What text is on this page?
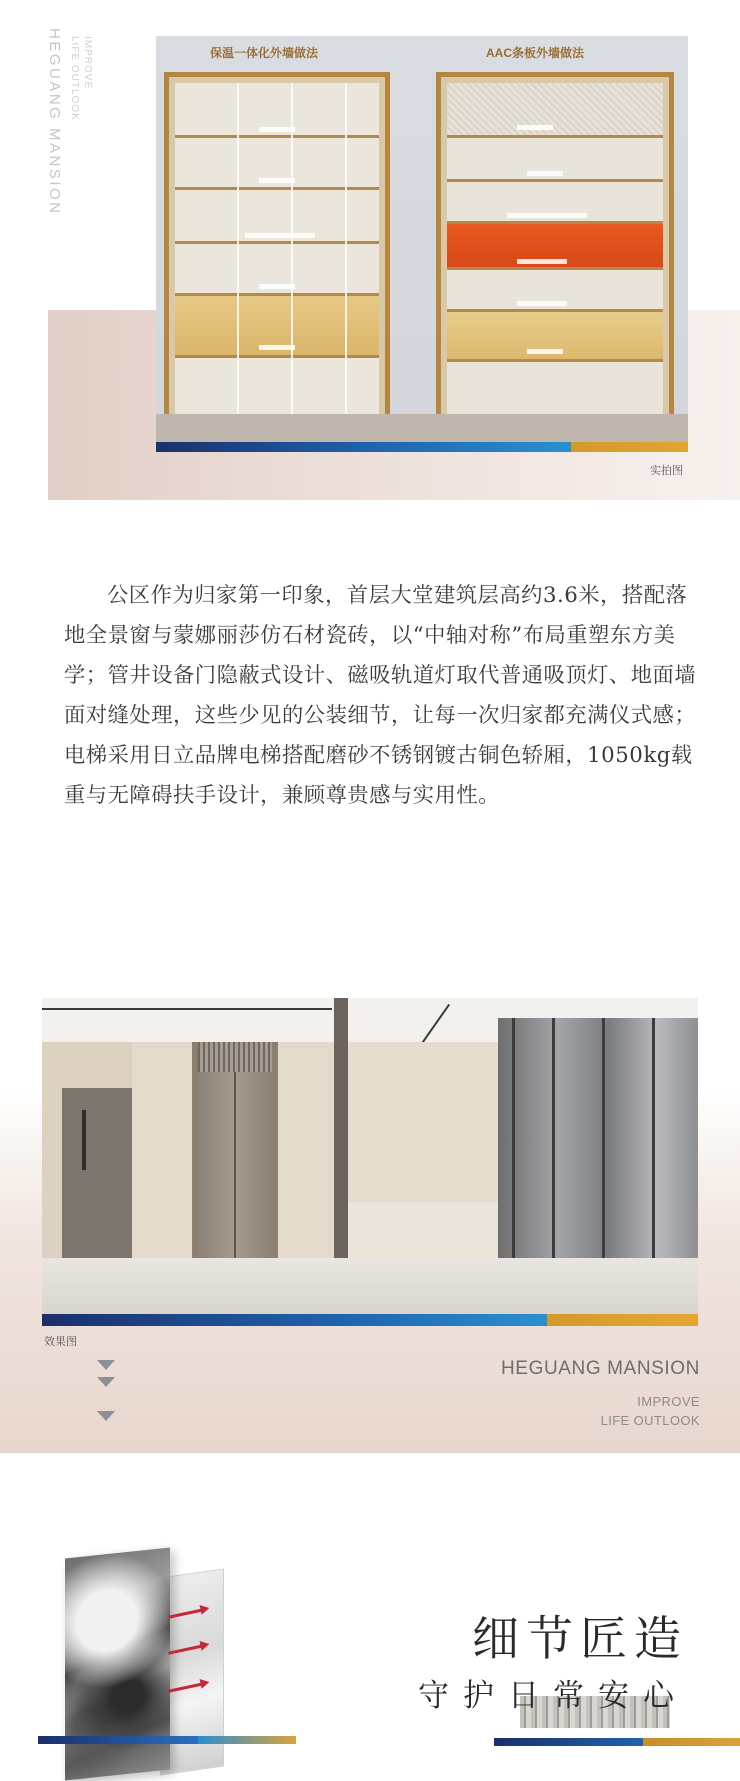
HEGUANG MANSION	IMPROVE
LIFE OUTLOOK	保温一体化外墙做法	AAC条板外墙做法
实拍图
公区作为归家第一印象，首层大堂建筑层高约3.6米，搭配落地全景窗与蒙娜丽莎仿石材瓷砖，以“中轴对称”布局重塑东方美学；管井设备门隐蔽式设计、磁吸轨道灯取代普通吸顶灯、地面墙面对缝处理，这些少见的公装细节，让每一次归家都充满仪式感；电梯采用日立品牌电梯搭配磨砂不锈钢镀古铜色轿厢，1050kg载重与无障碍扶手设计，兼顾尊贵感与实用性。
效果图
HEGUANG MANSION
IMPROVE
LIFE OUTLOOK
细节匠造
守护日常安心
